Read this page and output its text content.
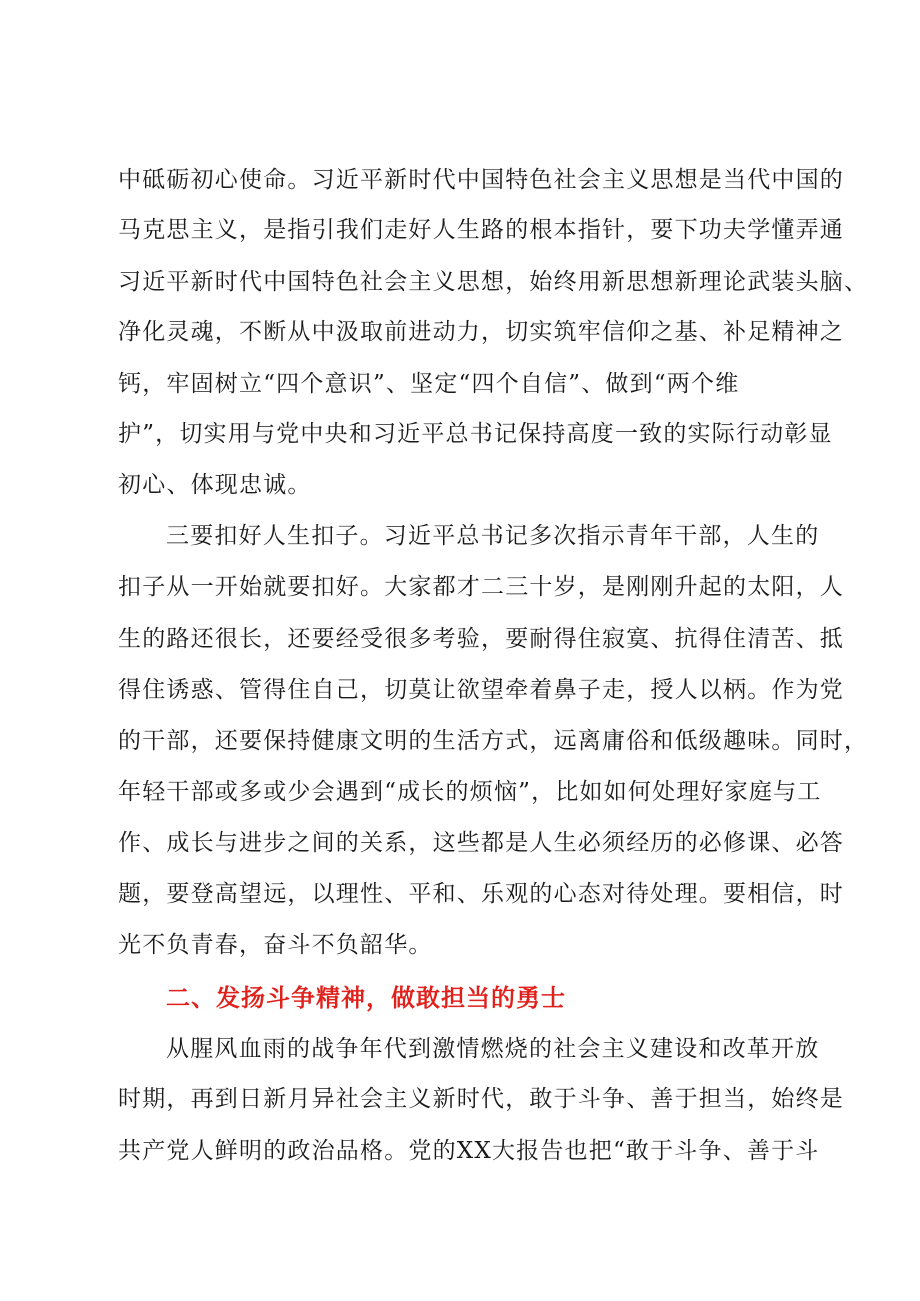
中砥砺初心使命。习近平新时代中国特色社会主义思想是当代中国的
马克思主义，是指引我们走好人生路的根本指针，要下功夫学懂弄通
习近平新时代中国特色社会主义思想，始终用新思想新理论武装头脑、
净化灵魂，不断从中汲取前进动力，切实筑牢信仰之基、补足精神之
钙，牢固树立“四个意识”、坚定“四个自信”、做到“两个维
护”，切实用与党中央和习近平总书记保持高度一致的实际行动彰显
初心、体现忠诚。
三要扣好人生扣子。习近平总书记多次指示青年干部，人生的
扣子从一开始就要扣好。大家都才二三十岁，是刚刚升起的太阳，人
生的路还很长，还要经受很多考验，要耐得住寂寞、抗得住清苦、抵
得住诱惑、管得住自己，切莫让欲望牵着鼻子走，授人以柄。作为党
的干部，还要保持健康文明的生活方式，远离庸俗和低级趣味。同时，
年轻干部或多或少会遇到“成长的烦恼”，比如如何处理好家庭与工
作、成长与进步之间的关系，这些都是人生必须经历的必修课、必答
题，要登高望远，以理性、平和、乐观的心态对待处理。要相信，时
光不负青春，奋斗不负韶华。
二、发扬斗争精神，做敢担当的勇士
从腥风血雨的战争年代到激情燃烧的社会主义建设和改革开放
时期，再到日新月异社会主义新时代，敢于斗争、善于担当，始终是
共产党人鲜明的政治品格。党的XX大报告也把“敢于斗争、善于斗
